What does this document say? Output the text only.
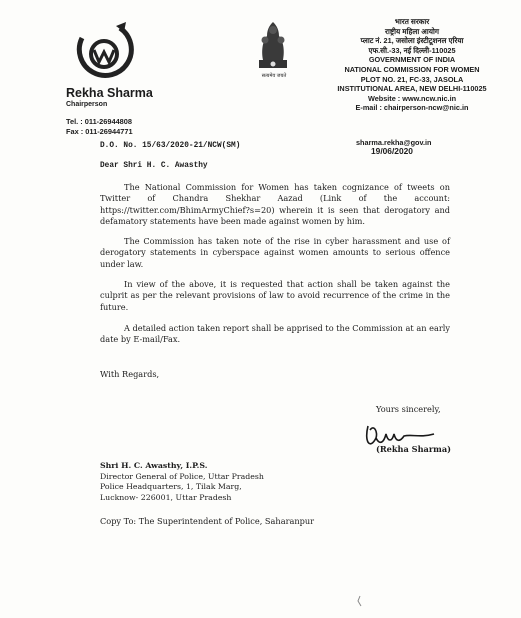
सत्यमेव जयते
Rekha Sharma
Chairperson
Tel. : 011-26944808
Fax : 011-26944771
भारत सरकार
राष्ट्रीय महिला आयोग
प्लाट नं. 21, जसोला इंस्टीटूशनल एरिया
एफ.सी.-33, नई दिल्ली-110025
GOVERNMENT OF INDIA
NATIONAL COMMISSION FOR WOMEN
PLOT NO. 21, FC-33, JASOLA
INSTITUTIONAL AREA, NEW DELHI-110025
Website : www.ncw.nic.in
E-mail : chairperson-ncw@nic.in
sharma.rekha@gov.in
19/06/2020
D.O. No. 15/63/2020-21/NCW(SM)
Dear Shri H. C. Awasthy
The National Commission for Women has taken cognizance of tweets on Twitter of Chandra Shekhar Aazad (Link of the account: https://twitter.com/BhimArmyChief?s=20) wherein it is seen that derogatory and defamatory statements have been made against women by him.
The Commission has taken note of the rise in cyber harassment and use of derogatory statements in cyberspace against women amounts to serious offence under law.
In view of the above, it is requested that action shall be taken against the culprit as per the relevant provisions of law to avoid recurrence of the crime in the future.
A detailed action taken report shall be apprised to the Commission at an early date by E-mail/Fax.
With Regards,
Yours sincerely,
(Rekha Sharma)
Shri H. C. Awasthy, I.P.S.
Director General of Police, Uttar Pradesh
Police Headquarters, 1, Tilak Marg,
Lucknow- 226001, Uttar Pradesh
Copy To: The Superintendent of Police, Saharanpur
